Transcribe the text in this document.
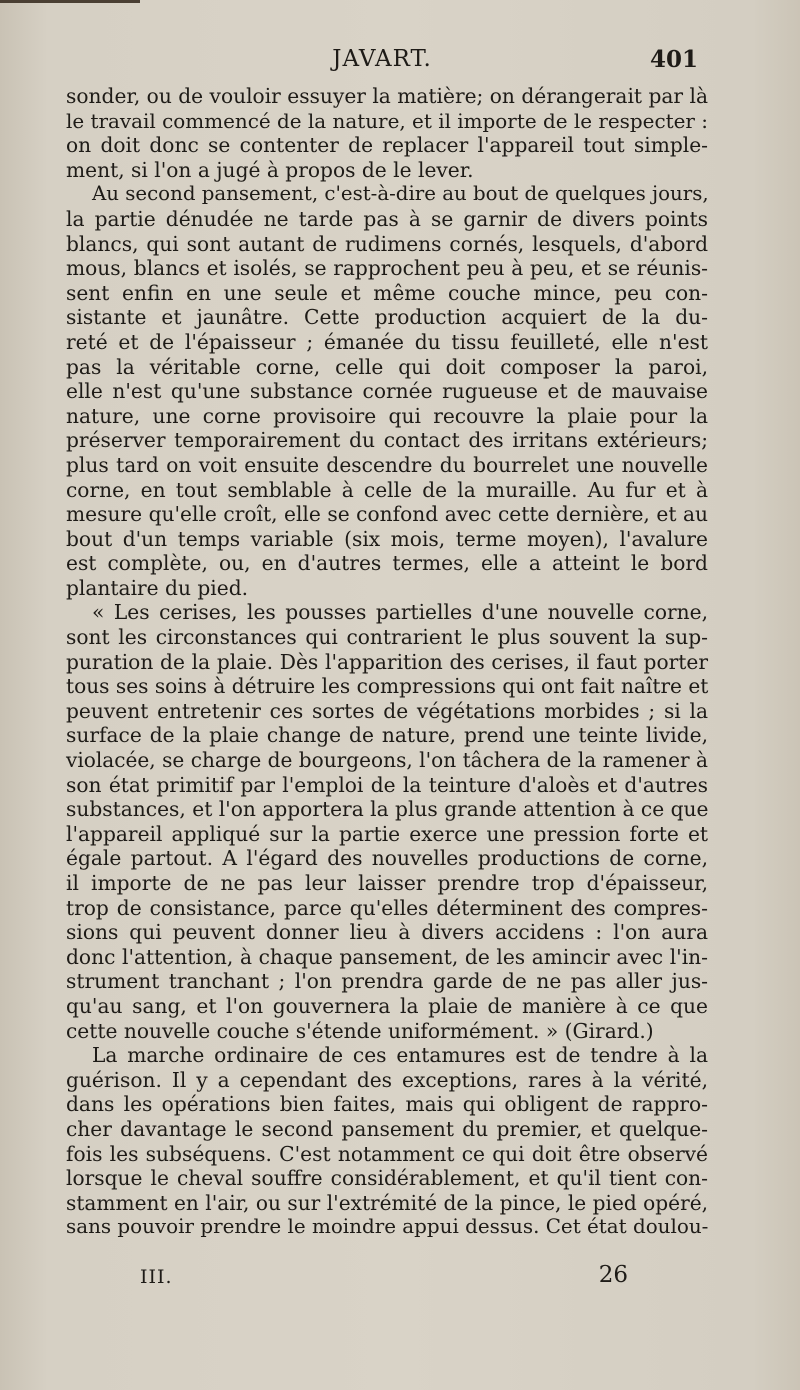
JAVART.	401
sonder, ou de vouloir essuyer la matière; on dérangerait par là
le travail commencé de la nature, et il importe de le respecter :
on doit donc se contenter de replacer l'appareil tout simple-
ment, si l'on a jugé à propos de le lever.
Au second pansement, c'est-à-dire au bout de quelques jours,
la partie dénudée ne tarde pas à se garnir de divers points
blancs, qui sont autant de rudimens cornés, lesquels, d'abord
mous, blancs et isolés, se rapprochent peu à peu, et se réunis-
sent enfin en une seule et même couche mince, peu con-
sistante et jaunâtre. Cette production acquiert de la du-
reté et de l'épaisseur ; émanée du tissu feuilleté, elle n'est
pas la véritable corne, celle qui doit composer la paroi,
elle n'est qu'une substance cornée rugueuse et de mauvaise
nature, une corne provisoire qui recouvre la plaie pour la
préserver temporairement du contact des irritans extérieurs;
plus tard on voit ensuite descendre du bourrelet une nouvelle
corne, en tout semblable à celle de la muraille. Au fur et à
mesure qu'elle croît, elle se confond avec cette dernière, et au
bout d'un temps variable (six mois, terme moyen), l'avalure
est complète, ou, en d'autres termes, elle a atteint le bord
plantaire du pied.
« Les cerises, les pousses partielles d'une nouvelle corne,
sont les circonstances qui contrarient le plus souvent la sup-
puration de la plaie. Dès l'apparition des cerises, il faut porter
tous ses soins à détruire les compressions qui ont fait naître et
peuvent entretenir ces sortes de végétations morbides ; si la
surface de la plaie change de nature, prend une teinte livide,
violacée, se charge de bourgeons, l'on tâchera de la ramener à
son état primitif par l'emploi de la teinture d'aloès et d'autres
substances, et l'on apportera la plus grande attention à ce que
l'appareil appliqué sur la partie exerce une pression forte et
égale partout. A l'égard des nouvelles productions de corne,
il importe de ne pas leur laisser prendre trop d'épaisseur,
trop de consistance, parce qu'elles déterminent des compres-
sions qui peuvent donner lieu à divers accidens : l'on aura
donc l'attention, à chaque pansement, de les amincir avec l'in-
strument tranchant ; l'on prendra garde de ne pas aller jus-
qu'au sang, et l'on gouvernera la plaie de manière à ce que
cette nouvelle couche s'étende uniformément. » (Girard.)
La marche ordinaire de ces entamures est de tendre à la
guérison. Il y a cependant des exceptions, rares à la vérité,
dans les opérations bien faites, mais qui obligent de rappro-
cher davantage le second pansement du premier, et quelque-
fois les subséquens. C'est notamment ce qui doit être observé
lorsque le cheval souffre considérablement, et qu'il tient con-
stamment en l'air, ou sur l'extrémité de la pince, le pied opéré,
sans pouvoir prendre le moindre appui dessus. Cet état doulou-
III.	26
